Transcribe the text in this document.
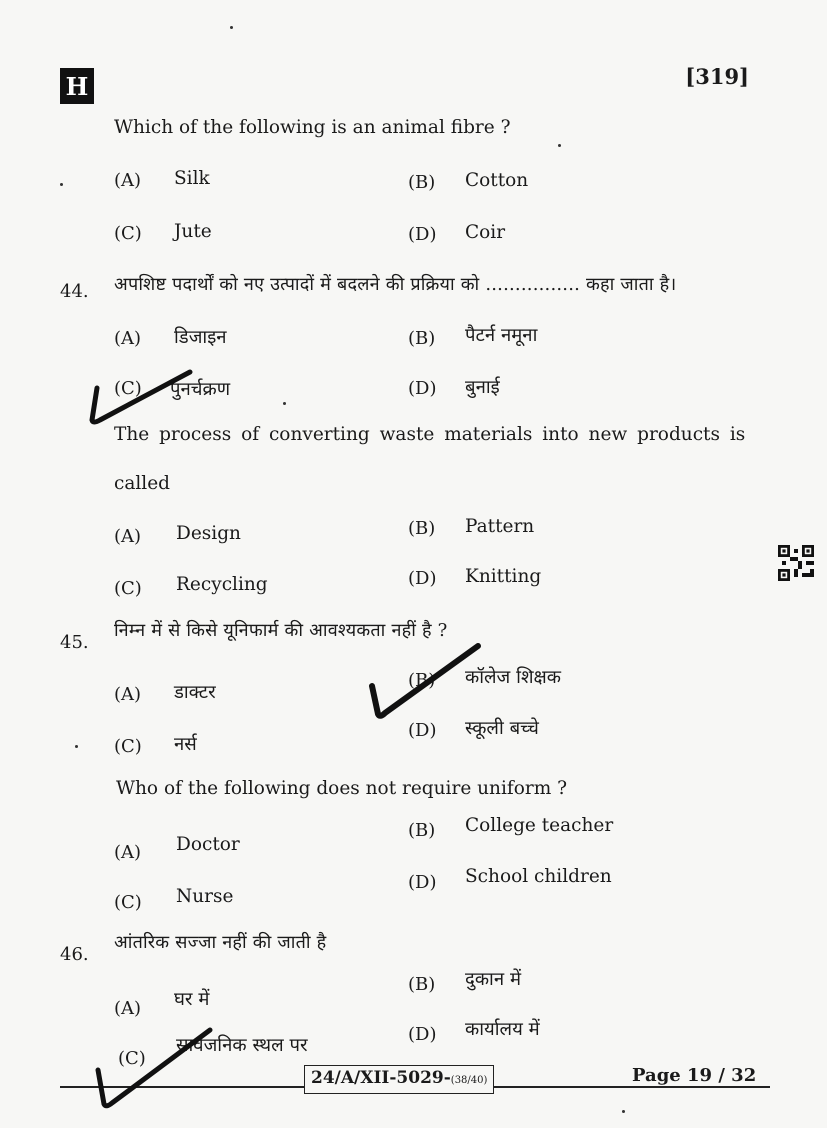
H	[319]
Which of the following is an animal fibre ?
(A) Silk	(B) Cotton
(C) Jute	(D) Coir
44. अपशिष्ट पदार्थों को नए उत्पादों में बदलने की प्रक्रिया को ................ कहा जाता है।
(A) डिजाइन	(B) पैटर्न नमूना
(C) पुनर्चक्रण	(D) बुनाई
The process of converting waste materials into new products is
called
(A) Design	(B) Pattern
(C) Recycling	(D) Knitting
45.
निम्न में से किसे यूनिफार्म की आवश्यकता नहीं है ?
(A) डाक्टर
(B) कॉलेज शिक्षक
(C) नर्स
(D) स्कूली बच्चे
Who of the following does not require uniform ?
(A) Doctor
(B) College teacher
(C) Nurse
(D) School children
46.
आंतरिक सज्जा नहीं की जाती है
(A) घर में
(B) दुकान में
(C)
सार्वजनिक स्थल पर
(D) कार्यालय में
24/A/XII-5029-(38/40)	Page 19 / 32
